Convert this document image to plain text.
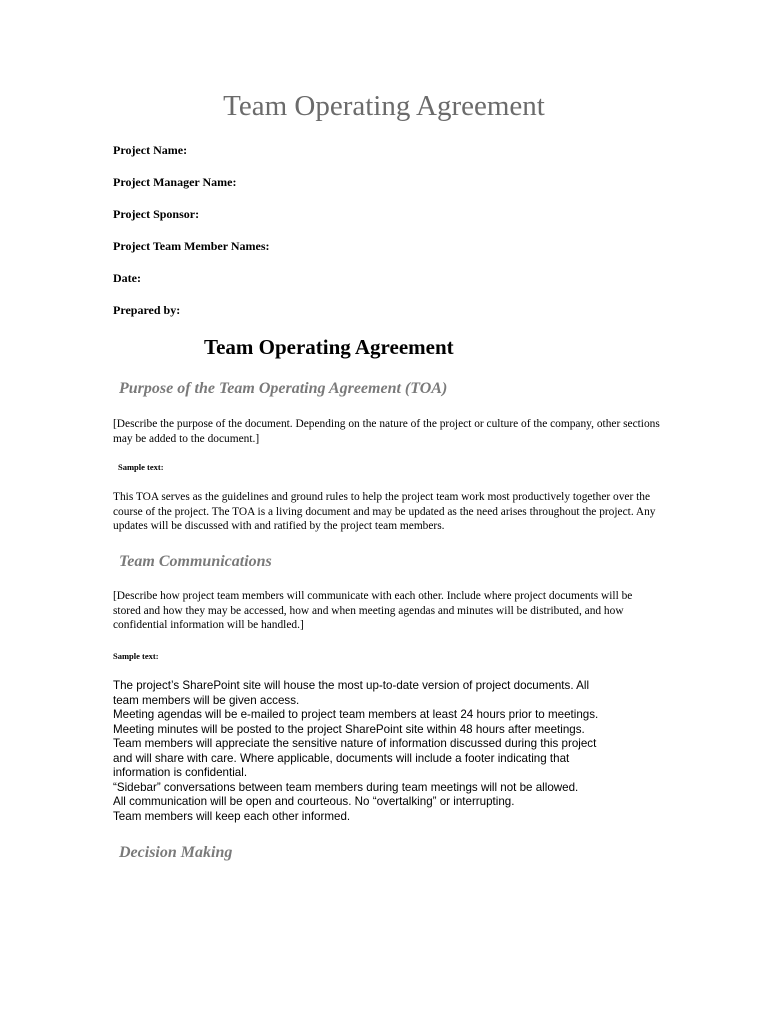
Team Operating Agreement
Project Name:
Project Manager Name:
Project Sponsor:
Project Team Member Names:
Date:
Prepared by:
Team Operating Agreement
Purpose of the Team Operating Agreement (TOA)
[Describe the purpose of the document. Depending on the nature of the project or culture of the company, other sections may be added to the document.]
Sample text:
This TOA serves as the guidelines and ground rules to help the project team work most productively together over the course of the project. The TOA is a living document and may be updated as the need arises throughout the project. Any updates will be discussed with and ratified by the project team members.
Team Communications
[Describe how project team members will communicate with each other. Include where project documents will be stored and how they may be accessed, how and when meeting agendas and minutes will be distributed, and how confidential information will be handled.]
Sample text:
The project’s SharePoint site will house the most up-to-date version of project documents. All
team members will be given access.
Meeting agendas will be e-mailed to project team members at least 24 hours prior to meetings.
Meeting minutes will be posted to the project SharePoint site within 48 hours after meetings.
Team members will appreciate the sensitive nature of information discussed during this project
and will share with care. Where applicable, documents will include a footer indicating that
information is confidential.
“Sidebar” conversations between team members during team meetings will not be allowed.
All communication will be open and courteous. No “overtalking” or interrupting.
Team members will keep each other informed.
Decision Making
